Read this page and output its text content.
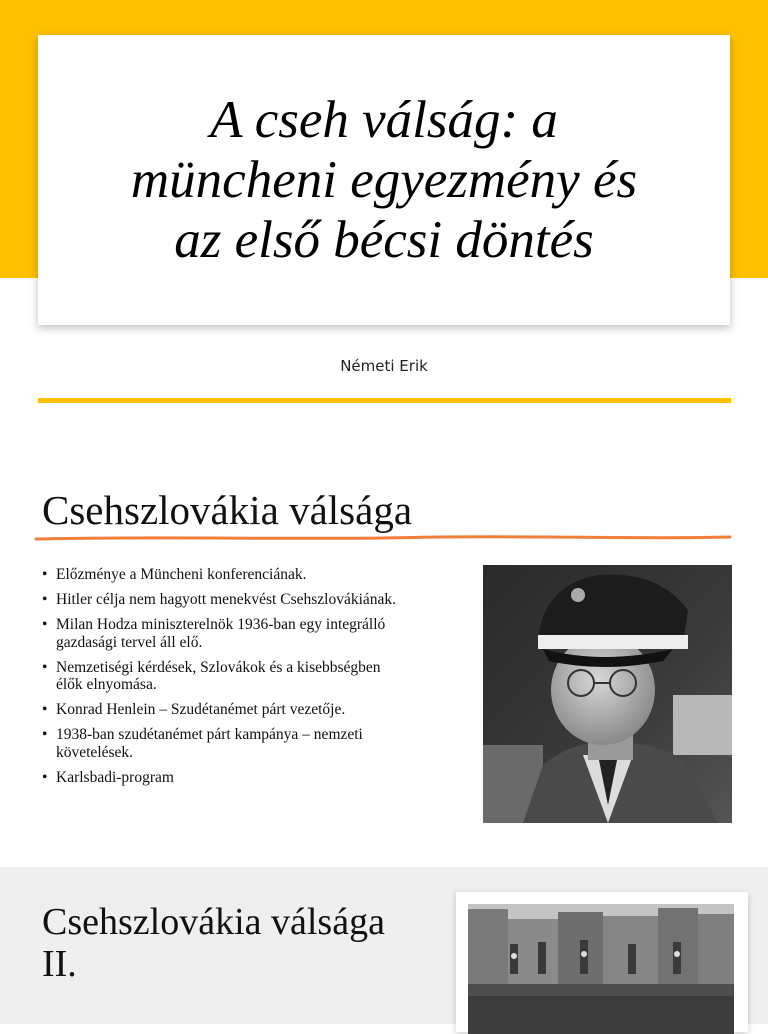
A cseh válság: a
müncheni egyezmény és
az első bécsi döntés
Németi Erik
Csehszlovákia válsága
• Előzménye a Müncheni konferenciának.
• Hitler célja nem hagyott menekvést Csehszlovákiának.
• Milan Hodza miniszterelnök 1936-ban egy integrálló
gazdasági tervel áll elő.
• Nemzetiségi kérdések, Szlovákok és a kisebbségben
élők elnyomása.
• Konrad Henlein – Szudétanémet párt vezetője.
• 1938-ban szudétanémet párt kampánya – nemzeti
követelések.
• Karlsbadi-program
Csehszlovákia válsága
II.
